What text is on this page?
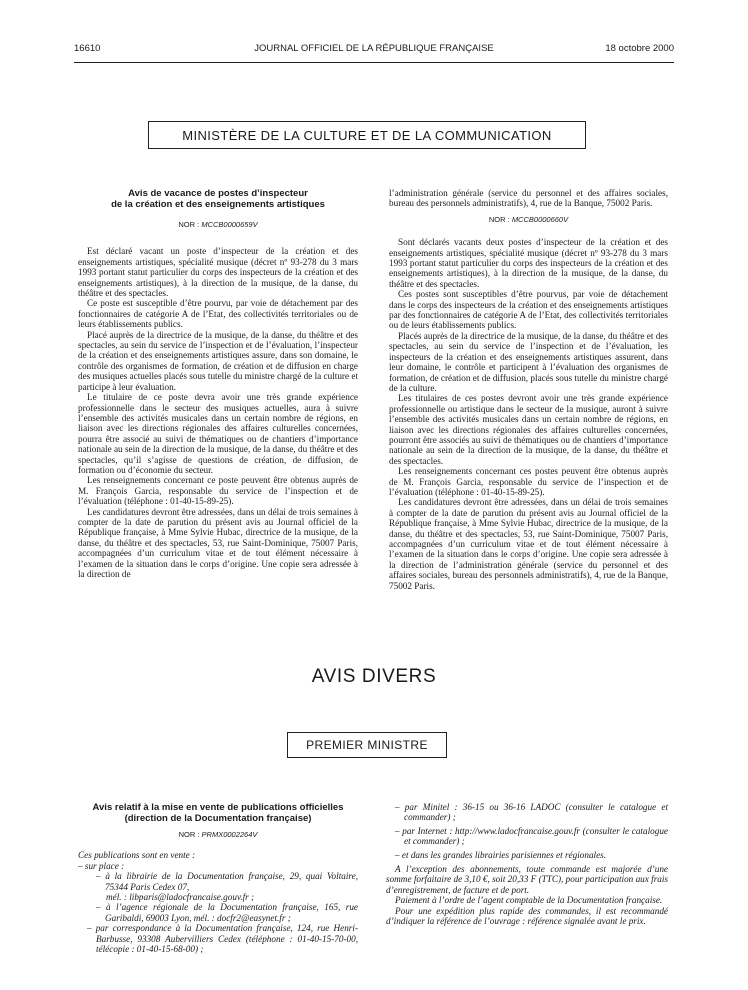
16610	JOURNAL OFFICIEL DE LA RÉPUBLIQUE FRANÇAISE	18 octobre 2000
MINISTÈRE DE LA CULTURE ET DE LA COMMUNICATION
Avis de vacance de postes d’inspecteur
de la création et des enseignements artistiques
NOR : MCCB0000659V

Est déclaré vacant un poste d’inspecteur de la création et des enseignements artistiques, spécialité musique (décret nº 93-278 du 3 mars 1993 portant statut particulier du corps des inspecteurs de la création et des enseignements artistiques), à la direction de la musique, de la danse, du théâtre et des spectacles.

Ce poste est susceptible d’être pourvu, par voie de détachement par des fonctionnaires de catégorie A de l’Etat, des collectivités territoriales ou de leurs établissements publics.

Placé auprès de la directrice de la musique, de la danse, du théâtre et des spectacles, au sein du service de l’inspection et de l’évaluation, l’inspecteur de la création et des enseignements artistiques assure, dans son domaine, le contrôle des organismes de formation, de création et de diffusion en charge des musiques actuelles placés sous tutelle du ministre chargé de la culture et participe à leur évaluation.

Le titulaire de ce poste devra avoir une très grande expérience professionnelle dans le secteur des musiques actuelles, aura à suivre l’ensemble des activités musicales dans un certain nombre de régions, en liaison avec les directions régionales des affaires culturelles concernées, pourra être associé au suivi de thématiques ou de chantiers d’importance nationale au sein de la direction de la musique, de la danse, du théâtre et des spectacles, qu’il s’agisse de questions de création, de diffusion, de formation ou d’économie du secteur.

Les renseignements concernant ce poste peuvent être obtenus auprès de M. François Garcia, responsable du service de l’inspection et de l’évaluation (téléphone : 01-40-15-89-25).

Les candidatures devront être adressées, dans un délai de trois semaines à compter de la date de parution du présent avis au Journal officiel de la République française, à Mme Sylvie Hubac, directrice de la musique, de la danse, du théâtre et des spectacles, 53, rue Saint-Dominique, 75007 Paris, accompagnées d’un curriculum vitae et de tout élément nécessaire à l’examen de la situation dans le corps d’origine. Une copie sera adressée à la direction de

l’administration générale (service du personnel et des affaires sociales, bureau des personnels administratifs), 4, rue de la Banque, 75002 Paris.

NOR : MCCB0000660V

Sont déclarés vacants deux postes d’inspecteur de la création et des enseignements artistiques, spécialité musique (décret nº 93-278 du 3 mars 1993 portant statut particulier du corps des inspecteurs de la création et des enseignements artistiques), à la direction de la musique, de la danse, du théâtre et des spectacles.

Ces postes sont susceptibles d’être pourvus, par voie de détachement dans le corps des inspecteurs de la création et des enseignements artistiques par des fonctionnaires de catégorie A de l’Etat, des collectivités territoriales ou de leurs établissements publics.

Placés auprès de la directrice de la musique, de la danse, du théâtre et des spectacles, au sein du service de l’inspection et de l’évaluation, les inspecteurs de la création et des enseignements artistiques assurent, dans leur domaine, le contrôle et participent à l’évaluation des organismes de formation, de création et de diffusion, placés sous tutelle du ministre chargé de la culture.

Les titulaires de ces postes devront avoir une très grande expérience professionnelle ou artistique dans le secteur de la musique, auront à suivre l’ensemble des activités musicales dans un certain nombre de régions, en liaison avec les directions régionales des affaires culturelles concernées, pourront être associés au suivi de thématiques ou de chantiers d’importance nationale au sein de la direction de la musique, de la danse, du théâtre et des spectacles.

Les renseignements concernant ces postes peuvent être obtenus auprès de M. François Garcia, responsable du service de l’inspection et de l’évaluation (téléphone : 01-40-15-89-25).

Les candidatures devront être adressées, dans un délai de trois semaines à compter de la date de parution du présent avis au Journal officiel de la République française, à Mme Sylvie Hubac, directrice de la musique, de la danse, du théâtre et des spectacles, 53, rue Saint-Dominique, 75007 Paris, accompagnées d’un curriculum vitae et de tout élément nécessaire à l’examen de la situation dans le corps d’origine. Une copie sera adressée à la direction de l’administration générale (service du personnel et des affaires sociales, bureau des personnels administratifs), 4, rue de la Banque, 75002 Paris.

AVIS DIVERS
PREMIER MINISTRE
Avis relatif à la mise en vente de publications officielles
(direction de la Documentation française)
NOR : PRMX0002264V

Ces publications sont en vente :

– sur place :

– à la librairie de la Documentation française, 29, quai Voltaire, 75344 Paris Cedex 07,

mél. : libparis@ladocfrancaise.gouv.fr ;

– à l’agence régionale de la Documentation française, 165, rue Garibaldi, 69003 Lyon, mél. : docfr2@easynet.fr ;

– par correspondance à la Documentation française, 124, rue Henri-Barbusse, 93308 Aubervilliers Cedex (téléphone : 01-40-15-70-00, télécopie : 01-40-15-68-00) ;

– par Minitel : 36-15 ou 36-16 LADOC (consulter le catalogue et commander) ;

– par Internet : http://www.ladocfrancaise.gouv.fr (consulter le catalogue et commander) ;

– et dans les grandes librairies parisiennes et régionales.

A l’exception des abonnements, toute commande est majorée d’une somme forfaitaire de 3,10 €, soit 20,33 F (TTC), pour participation aux frais d’enregistrement, de facture et de port.

Paiement à l’ordre de l’agent comptable de la Documentation française.

Pour une expédition plus rapide des commandes, il est recommandé d’indiquer la référence de l’ouvrage : référence signalée avant le prix.
